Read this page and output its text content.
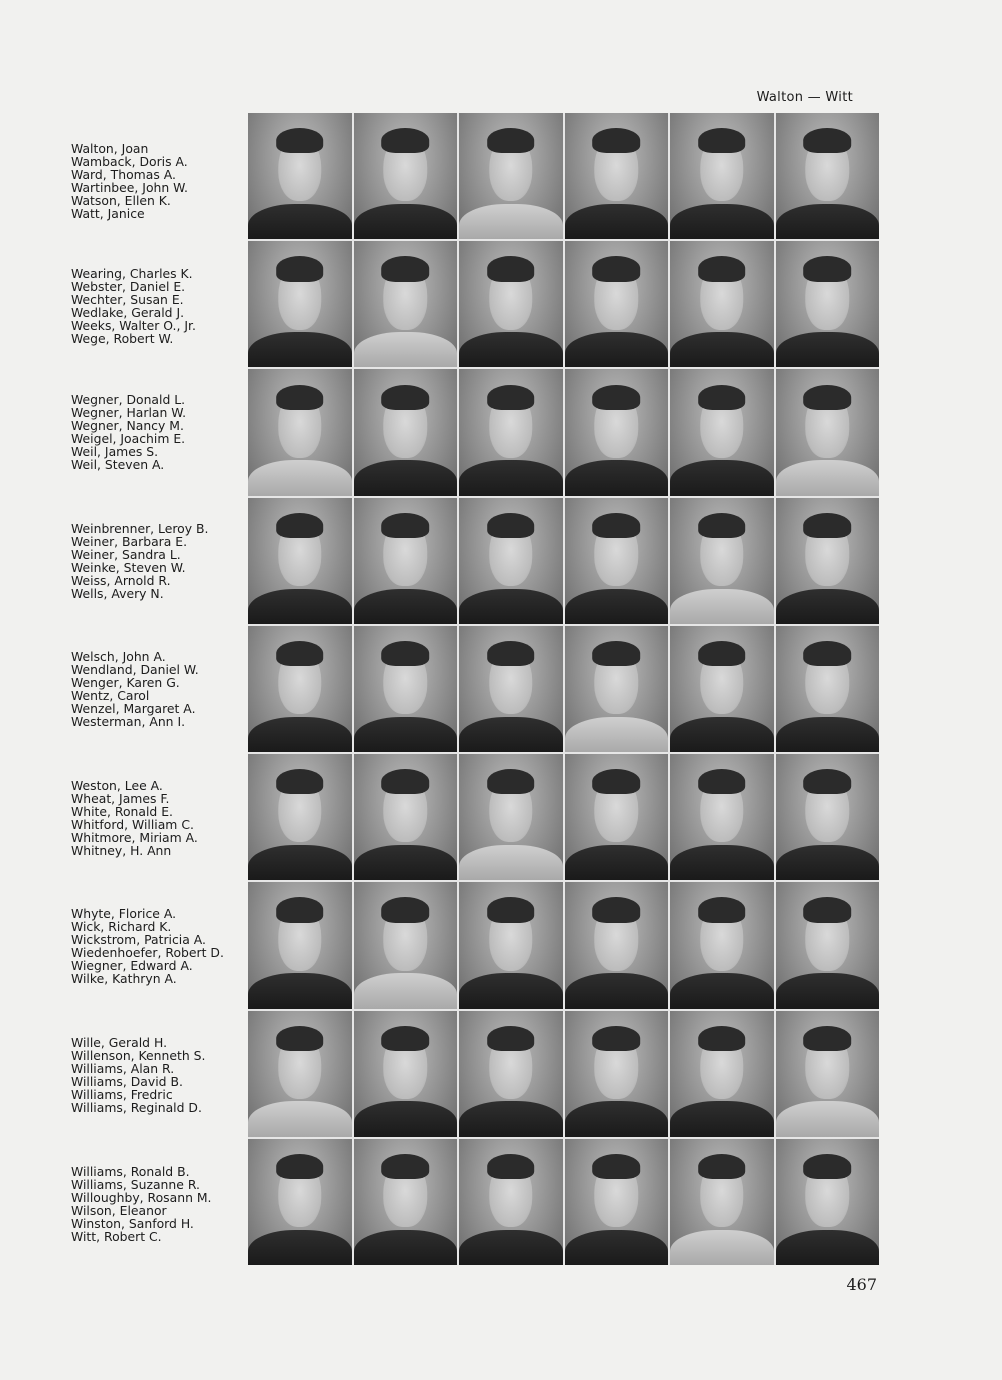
Walton — Witt
Walton, Joan
Wamback, Doris A.
Ward, Thomas A.
Wartinbee, John W.
Watson, Ellen K.
Watt, Janice
Wearing, Charles K.
Webster, Daniel E.
Wechter, Susan E.
Wedlake, Gerald J.
Weeks, Walter O., Jr.
Wege, Robert W.
Wegner, Donald L.
Wegner, Harlan W.
Wegner, Nancy M.
Weigel, Joachim E.
Weil, James S.
Weil, Steven A.
Weinbrenner, Leroy B.
Weiner, Barbara E.
Weiner, Sandra L.
Weinke, Steven W.
Weiss, Arnold R.
Wells, Avery N.
Welsch, John A.
Wendland, Daniel W.
Wenger, Karen G.
Wentz, Carol
Wenzel, Margaret A.
Westerman, Ann I.
Weston, Lee A.
Wheat, James F.
White, Ronald E.
Whitford, William C.
Whitmore, Miriam A.
Whitney, H. Ann
Whyte, Florice A.
Wick, Richard K.
Wickstrom, Patricia A.
Wiedenhoefer, Robert D.
Wiegner, Edward A.
Wilke, Kathryn A.
Wille, Gerald H.
Willenson, Kenneth S.
Williams, Alan R.
Williams, David B.
Williams, Fredric
Williams, Reginald D.
Williams, Ronald B.
Williams, Suzanne R.
Willoughby, Rosann M.
Wilson, Eleanor
Winston, Sanford H.
Witt, Robert C.
467
